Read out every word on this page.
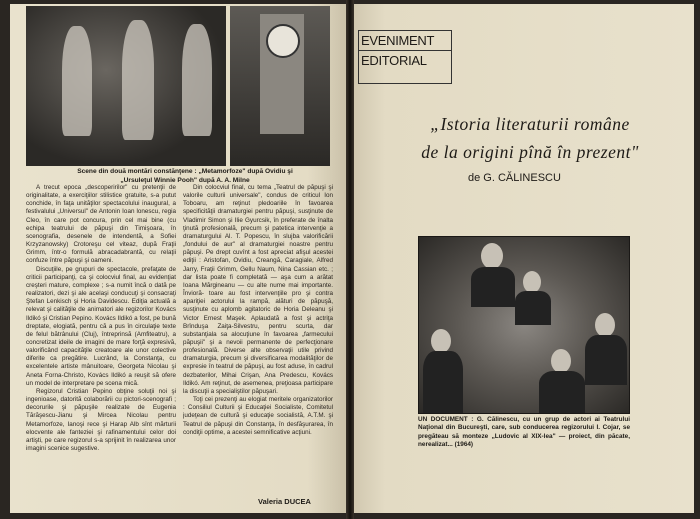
Scene din două montări constănţene : „Metamorfoze" după Ovidiu şi
„Ursuleţul Winnie Pooh" după A. A. Milne

A trecut epoca „descoperirilor" cu pretenţii de originalitate, a exerciţiilor stilistice gratuite, s-a putut conchide, în faţa unităţilor spectacolului inaugural, a festivalului „Universul" de Antonin Ioan lonescu, regia Cleo, în care pot concura, prin cel mai bine (cu echipa teatrului de păpuşi din Timişoara, în scenografia, desenele de intendentă, a Sofiei Krzyzanowsky) Crotoreşu cel viteaz, după Fraţii Grimm, într-o formulă abracadabrantă, cu relaţii confuze între păpuşi şi oameni.

Discuţiile, pe grupuri de spectacole, prefaţate de criticii participanţi, ca şi colocviul final, au evidenţiat creşteri mature, complexe ; s-a numit încă o dată pe realizatori, dezi şi ale acelaşi conducuţi şi consacraţi Ştefan Lenkisch şi Horia Davidescu. Ediţia actuală a relevat şi calităţile de animatori ale regizorilor Kovács Ildikó şi Cristian Pepino. Kovács Ildikó a fost, pe bună dreptate, elogiată, pentru că a pus în circulaţie texte de felul bătrânului (Cluj), întreprinsă (Amfiteatru), a concretizat ideile de imagini de mare forţă expresivă, valorificând capacităţile creatoare ale unor colective diferite ca pregătire. Lucrând, la Constanţa, cu excelentele artiste mânuitoare, Georgeta Nicolau şi Aneta Forna-Christo, Kovács Ildikó a reuşit să ofere un model de interpretare pe scena mică.

Regizorul Cristian Pepino obţine soluţii noi şi ingenioase, datorită colaborării cu pictori-scenografi ; decorurile şi păpuşile realizate de Eugenia Tărăşescu-Jianu şi Mircea Nicolau pentru Metamorfoze, Ianoşi rece şi Harap Alb sînt mărturii elocvente ale fanteziei şi rafinamentului celor doi artişti, pe care regizorul s-a sprijinit în realizarea unor imagini scenice sugestive.

Din colocviul final, cu tema „Teatrul de păpuşi şi valorile culturii universale", condus de criticul Ion Toboaru, am reţinut pledoariile în favoarea specificităţii dramaturgiei pentru păpuşi, susţinute de Vladimir Simon şi Ilie Gyurcsik, în preferate de înalta ţinută profesională, precum şi patetica intervenţie a dramaturgului Al. T. Popescu, în slujba valorificării „fondului de aur" al dramaturgiei noastre pentru păpuşi. Pe drept cuvînt a fost apreciat afişul acestei ediţii : Aristofan, Ovidiu, Creangă, Caragiale, Alfred Jarry, Fraţii Grimm, Gellu Naum, Nina Cassian etc. ; dar lista poate fi completată — aşa cum a arătat Ioana Mărgineanu — cu alte nume mai importante. Învioră- toare au fost intervenţiile pro şi contra apariţiei actorului la rampă, alături de păpuşă, susţinute cu aplomb agitatoric de Horia Deleanu şi Victor Ernest Maşek. Aplaudată a fost şi actriţa Brînduşa Zaiţa-Silvestru, pentru scurta, dar substanţiala sa alocuţiune în favoarea „farmecului păpuşii" şi a nevoii permanente de perfecţionare profesională. Diverse alte observaţii utile privind dramaturgia, precum şi diversificarea modalităţilor de expresie în teatrul de păpuşi, au fost aduse, în cadrul dezbaterilor, Mihai Crişan, Ana Predescu, Kovács Ildikó. Am reţinut, de asemenea, preţioasa participare la discuţii a specialiştilor păpuşari.

Toţi cei prezenţi au elogiat meritele organizatorilor : Consiliul Culturii şi Educaţiei Socialiste, Comitetul judeţean de cultură şi educaţie socialistă, A.T.M. şi Teatrul de păpuşi din Constanţa, în desfăşurarea, în condiţii optime, a acestei semnificative acţiuni.

Valeria DUCEA
EVENIMENT
EDITORIAL
„Istoria literaturii române
de la origini pînă în prezent"
de G. CĂLINESCU
UN DOCUMENT : G. Călinescu, cu un grup de actori ai Teatrului Naţional din Bucureşti, care, sub conducerea regizorului I. Cojar, se pregăteau să monteze „Ludovic al XIX-lea" — proiect, din păcate, nerealizat... (1964)
